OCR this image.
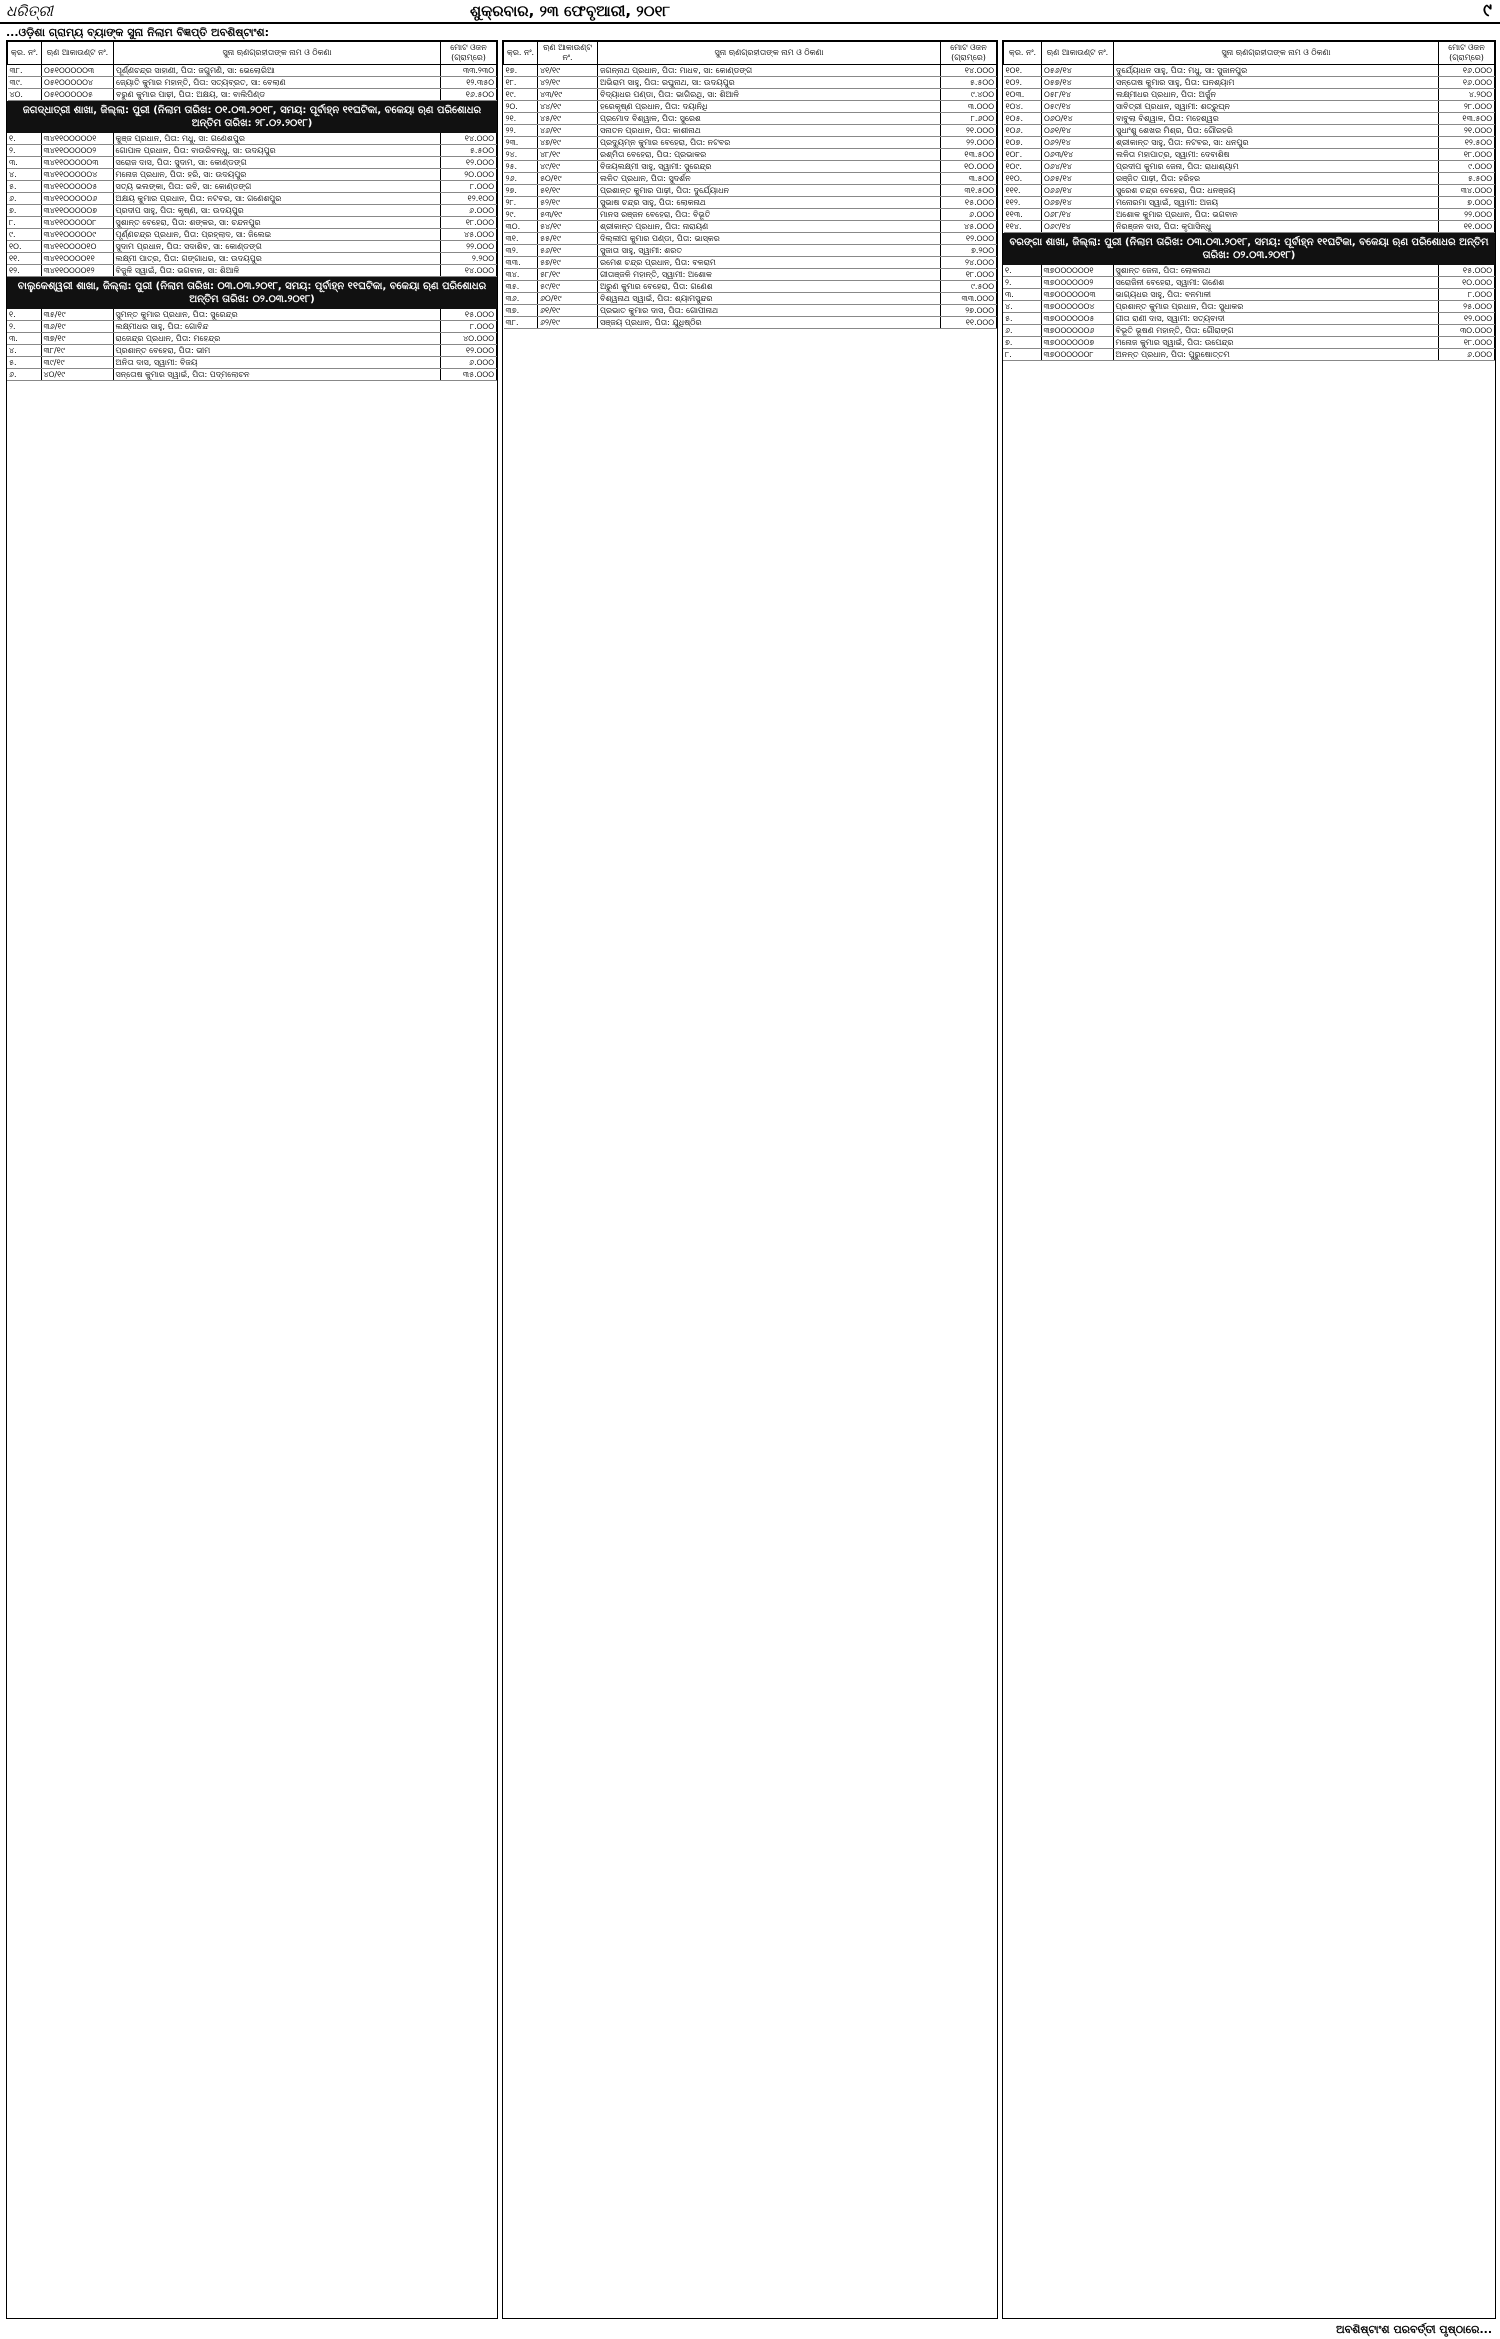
ଧରିତ୍ରୀ	ଶୁକ୍ରବାର, ୨୩ ଫେବୃଆରୀ, ୨୦୧୮	୯
...ଓଡ଼ିଶା ଗ୍ରାମ୍ୟ ବ୍ୟାଙ୍କ ସୁନା ନିଲାମ ବିଜ୍ଞପ୍ତି ଅବଶିଷ୍ଟାଂଶ:
କ୍ର. ନଂ.	ଋଣ ଆକାଉଣ୍ଟ ନଂ.	ସୁନା ଋଣଗ୍ରହୀତାଙ୍କ ନାମ ଓ ଠିକଣା	ମୋଟ ଓଜନ (ଗ୍ରାମ୍‌ରେ)
୩୮.	୦୫୧୦୦୦୦୦୩	ପୂର୍ଣ୍ଣଚନ୍ଦ୍ର ସାହାଣୀ, ପିତା: ଜଗୁମଣି, ସା: ଭେଲୋରିଆ	୩୩.୨୩୦
୩୯.	୦୫୧୦୦୦୦୦୪	ଜ୍ୟୋତି କୁମାର ମହାନ୍ତି, ପିତା: ସତ୍ୟବ୍ରତ, ସା: ବେଲାଣ	୧୨.୩୫୦
୪୦.	୦୫୧୦୦୦୦୦୫	ବରୁଣ କୁମାର ପାଢ଼ୀ, ପିତା: ଅକ୍ଷୟ, ସା: ବାଲିପିଣ୍ଡ	୧୬.୫୦୦
ଜଗଦ୍ଧାତ୍ରୀ ଶାଖା, ଜିଲ୍ଲା: ପୁରୀ (ନିଲାମ ତାରିଖ: ୦୧.୦୩.୨୦୧୮, ସମୟ: ପୂର୍ବାହ୍ନ ୧୧ଘଟିକା, ବକେୟା ଋଣ ପରିଶୋଧର ଅନ୍ତିମ ତାରିଖ: ୨୮.୦୨.୨୦୧୮)
୧.	୩୪୧୧୦୦୦୦୦୧	କୁଞ୍ଜ ପ୍ରଧାନ, ପିତା: ମଧୁ, ସା: ଗଣେଶପୁର	୧୪.୦୦୦
୨.	୩୪୧୧୦୦୦୦୦୨	ଗୋପାଳ ପ୍ରଧାନ, ପିତା: ବାଉରିବନ୍ଧୁ, ସା: ଉଦୟପୁର	୫.୫୦୦
୩.	୩୪୧୧୦୦୦୦୦୩	ସରୋଜ ଦାସ, ପିତା: ସୁଦାମ, ସା: କୋଣ୍ଡଙ୍ଗ	୧୨.୦୦୦
୪.	୩୪୧୧୦୦୦୦୦୪	ମନୋଜ ପ୍ରଧାନ, ପିତା: ହରି, ସା: ଉଦୟପୁର	୨୦.୦୦୦
୫.	୩୪୧୧୦୦୦୦୦୫	ସତ୍ୟ ଭଲଙ୍କା, ପିତା: ରବି, ସା: କୋଣ୍ଡଙ୍ଗ	୮.୦୦୦
୬.	୩୪୧୧୦୦୦୦୦୬	ଅକ୍ଷୟ କୁମାର ପ୍ରଧାନ, ପିତା: ନଟବର, ସା: ଗଣେଶପୁର	୧୨.୧୦୦
୭.	୩୪୧୧୦୦୦୦୦୭	ପ୍ରଦୀପ ସାହୁ, ପିତା: କୃଷ୍ଣ, ସା: ଉଦୟପୁର	୬.୦୦୦
୮.	୩୪୧୧୦୦୦୦୦୮	ସୁଶାନ୍ତ ବେହେରା, ପିତା: ଶଙ୍କର, ସା: ଚନ୍ଦନପୁର	୧୮.୦୦୦
୯.	୩୪୧୧୦୦୦୦୦୯	ପୂର୍ଣ୍ଣଚନ୍ଦ୍ର ପ୍ରଧାନ, ପିତା: ପ୍ରହ୍ଲାଦ, ସା: ଜିଲେଇ	୪୫.୦୦୦
୧୦.	୩୪୧୧୦୦୦୦୧୦	ସୁଦାମ ପ୍ରଧାନ, ପିତା: ସଦାଶିବ, ସା: କୋଣ୍ଡଙ୍ଗ	୨୨.୦୦୦
୧୧.	୩୪୧୧୦୦୦୦୧୧	ଲକ୍ଷ୍ମୀ ପାତ୍ର, ପିତା: ଗଙ୍ଗାଧର, ସା: ଉଦୟପୁର	୨.୨୦୦
୧୨.	୩୪୧୧୦୦୦୦୧୨	ବିଜୁଳି ସ୍ୱାଇଁ, ପିତା: ଭଗବାନ, ସା: ଶିଆଳି	୧୪.୦୦୦
ବାଲୁକେଶ୍ୱରୀ ଶାଖା, ଜିଲ୍ଲା: ପୁରୀ (ନିଲାମ ତାରିଖ: ୦୩.୦୩.୨୦୧୮, ସମୟ: ପୂର୍ବାହ୍ନ ୧୧ଘଟିକା, ବକେୟା ଋଣ ପରିଶୋଧର ଅନ୍ତିମ ତାରିଖ: ୦୨.୦୩.୨୦୧୮)
୧.	୩୫/୧୯	ସୁମନ୍ତ କୁମାର ପ୍ରଧାନ, ପିତା: ସୁରେନ୍ଦ୍ର	୧୫.୦୦୦
୨.	୩୬/୧୯	ଲକ୍ଷ୍ମୀଧର ସାହୁ, ପିତା: ଗୋବିନ୍ଦ	୮.୦୦୦
୩.	୩୭/୧୯	ରାଜେନ୍ଦ୍ର ପ୍ରଧାନ, ପିତା: ମହେନ୍ଦ୍ର	୪୦.୦୦୦
୪.	୩୮/୧୯	ପ୍ରଶାନ୍ତ ବେହେରା, ପିତା: ଭୀମ	୧୨.୦୦୦
୫.	୩୯/୧୯	ଅନିତା ଦାସ, ସ୍ୱାମୀ: ବିଜୟ	୬.୦୦୦
୬.	୪୦/୧୯	ସନ୍ତୋଷ କୁମାର ସ୍ୱାଇଁ, ପିତା: ପଦ୍ମଲୋଚନ	୩୫.୦୦୦
କ୍ର. ନଂ.	ଋଣ ଆକାଉଣ୍ଟ ନଂ.	ସୁନା ଋଣଗ୍ରହୀତାଙ୍କ ନାମ ଓ ଠିକଣା	ମୋଟ ଓଜନ (ଗ୍ରାମ୍‌ରେ)
୧୭.	୪୧/୧୯	ଜଗନ୍ନାଥ ପ୍ରଧାନ, ପିତା: ମାଧବ, ସା: କୋଣ୍ଡଙ୍ଗ	୧୪.୦୦୦
୧୮.	୪୨/୧୯	ଅଭିରାମ ସାହୁ, ପିତା: ରଘୁନାଥ, ସା: ଉଦୟପୁର	୫.୫୦୦
୧୯.	୪୩/୧୯	ବିଦ୍ୟାଧର ପଣ୍ଡା, ପିତା: ଭାଗିରଥି, ସା: ଶିଆଳି	୯.୪୦୦
୨୦.	୪୪/୧୯	ହରେକୃଷ୍ଣ ପ୍ରଧାନ, ପିତା: ଦୟାନିଧି	୩.୦୦୦
୨୧.	୪୫/୧୯	ପ୍ରମୋଦ ବିଶ୍ୱାଳ, ପିତା: ସୁରେଶ	୮.୬୦୦
୨୨.	୪୬/୧୯	ସନାତନ ପ୍ରଧାନ, ପିତା: କାଶୀନାଥ	୨୧.୦୦୦
୨୩.	୪୭/୧୯	ପ୍ରଦ୍ୟୁମ୍ନ କୁମାର ବେହେରା, ପିତା: ନଟବର	୨୨.୦୦୦
୨୪.	୪୮/୧୯	ରଶ୍ମିତା ବେହେରା, ପିତା: ପ୍ରଭାକର	୧୩.୫୦୦
୨୫.	୪୯/୧୯	ବିଜୟଲକ୍ଷ୍ମୀ ସାହୁ, ସ୍ୱାମୀ: ସୁରେନ୍ଦ୍ର	୧୦.୦୦୦
୨୬.	୫୦/୧୯	ଲଳିତ ପ୍ରଧାନ, ପିତା: ସୁଦର୍ଶନ	୩.୫୦୦
୨୭.	୫୧/୧୯	ପ୍ରଶାନ୍ତ କୁମାର ପାଢ଼ୀ, ପିତା: ଦୁର୍ଯ୍ୟୋଧନ	୩୧.୫୦୦
୨୮.	୫୨/୧୯	ସୁଭାଷ ଚନ୍ଦ୍ର ସାହୁ, ପିତା: ଲୋକନାଥ	୧୫.୦୦୦
୨୯.	୫୩/୧୯	ମାନସ ରଞ୍ଜନ ବେହେରା, ପିତା: ବିଭୂତି	୬.୦୦୦
୩୦.	୫୪/୧୯	ଶ୍ରୀକାନ୍ତ ପ୍ରଧାନ, ପିତା: ନାରାୟଣ	୪୫.୦୦୦
୩୧.	୫୫/୧୯	ଦିଲ୍ଲୀପ କୁମାର ପଣ୍ଡା, ପିତା: ଭାସ୍କର	୧୨.୦୦୦
୩୨.	୫୬/୧୯	ସୁଜାତା ସାହୁ, ସ୍ୱାମୀ: ଶରତ	୭.୨୦୦
୩୩.	୫୭/୧୯	ରମେଶ ଚନ୍ଦ୍ର ପ୍ରଧାନ, ପିତା: ବଳରାମ	୨୪.୦୦୦
୩୪.	୫୮/୧୯	ଗୀତାଞ୍ଜଳି ମହାନ୍ତି, ସ୍ୱାମୀ: ଅଶୋକ	୧୮.୦୦୦
୩୫.	୫୯/୧୯	ଅରୁଣ କୁମାର ବେହେରା, ପିତା: ଗଣେଶ	୯.୫୦୦
୩୬.	୬୦/୧୯	ବିଶ୍ୱନାଥ ସ୍ୱାଇଁ, ପିତା: ଶ୍ୟାମସୁନ୍ଦର	୩୩.୦୦୦
୩୭.	୬୧/୧୯	ପ୍ରଭାତ କୁମାର ଦାସ, ପିତା: ଗୋପୀନାଥ	୨୭.୦୦୦
୩୮.	୬୨/୧୯	ସଞ୍ଜୟ ପ୍ରଧାନ, ପିତା: ଯୁଧିଷ୍ଠିର	୧୧.୦୦୦
କ୍ର. ନଂ.	ଋଣ ଆକାଉଣ୍ଟ ନଂ.	ସୁନା ଋଣଗ୍ରହୀତାଙ୍କ ନାମ ଓ ଠିକଣା	ମୋଟ ଓଜନ (ଗ୍ରାମ୍‌ରେ)
୧୦୧.	୦୫୬/୧୪	ଦୁର୍ଯ୍ୟୋଧନ ସାହୁ, ପିତା: ମଧୁ, ସା: ସୁଜାନପୁର	୧୬.୦୦୦
୧୦୨.	୦୫୭/୧୪	ସନ୍ତୋଷ କୁମାର ସାହୁ, ପିତା: ଘନଶ୍ୟାମ	୧୬.୦୦୦
୧୦୩.	୦୫୮/୧୪	ଲକ୍ଷ୍ମୀଧର ପ୍ରଧାନ, ପିତା: ଅର୍ଜୁନ	୪.୨୦୦
୧୦୪.	୦୫୯/୧୪	ସାବିତ୍ରୀ ପ୍ରଧାନ, ସ୍ୱାମୀ: ଶତ୍ରୁଘ୍ନ	୨୮.୦୦୦
୧୦୫.	୦୬୦/୧୪	ବାବୁଲା ବିଶ୍ୱାଳ, ପିତା: ମହେଶ୍ୱର	୧୩.୫୦୦
୧୦୬.	୦୬୧/୧୪	ସୁଧାଂଶୁ ଶେଖର ମିଶ୍ର, ପିତା: ଗୌରହରି	୨୧.୦୦୦
୧୦୭.	୦୬୨/୧୪	ଶ୍ରୀକାନ୍ତ ସାହୁ, ପିତା: ନଟବର, ସା: ଧନପୁର	୧୨.୫୦୦
୧୦୮.	୦୬୩/୧୪	ଲଳିତା ମହାପାତ୍ର, ସ୍ୱାମୀ: ଦେବାଶିଷ	୧୮.୦୦୦
୧୦୯.	୦୬୪/୧୪	ପ୍ରଦୀପ କୁମାର ଜେନା, ପିତା: ରାଧାଶ୍ୟାମ	୯.୦୦୦
୧୧୦.	୦୬୫/୧୪	ରଞ୍ଜିତ ପାଢ଼ୀ, ପିତା: ହରିହର	୫.୫୦୦
୧୧୧.	୦୬୬/୧୪	ସୁରେଶ ଚନ୍ଦ୍ର ବେହେରା, ପିତା: ଧନଞ୍ଜୟ	୩୪.୦୦୦
୧୧୨.	୦୬୭/୧୪	ମନୋରମା ସ୍ୱାଇଁ, ସ୍ୱାମୀ: ଅଜୟ	୭.୦୦୦
୧୧୩.	୦୬୮/୧୪	ଅଶୋକ କୁମାର ପ୍ରଧାନ, ପିତା: ଭଗବାନ	୨୨.୦୦୦
୧୧୪.	୦୬୯/୧୪	ନିରଞ୍ଜନ ଦାସ, ପିତା: କୃପାସିନ୍ଧୁ	୧୧.୦୦୦
ବରଙ୍ଗା ଶାଖା, ଜିଲ୍ଲା: ପୁରୀ (ନିଲାମ ତାରିଖ: ୦୩.୦୩.୨୦୧୮, ସମୟ: ପୂର୍ବାହ୍ନ ୧୧ଘଟିକା, ବକେୟା ଋଣ ପରିଶୋଧର ଅନ୍ତିମ ତାରିଖ: ୦୨.୦୩.୨୦୧୮)
୧.	୩୭୦୦୦୦୦୦୧	ସୁଶାନ୍ତ ଜେନା, ପିତା: ଲୋକନାଥ	୧୫.୦୦୦
୨.	୩୭୦୦୦୦୦୦୨	ସରୋଜିନୀ ବେହେରା, ସ୍ୱାମୀ: ଗଣେଶ	୧୦.୦୦୦
୩.	୩୭୦୦୦୦୦୦୩	ଭାଗ୍ୟଧର ସାହୁ, ପିତା: ବନମାଳୀ	୮.୦୦୦
୪.	୩୭୦୦୦୦୦୦୪	ପ୍ରଶାନ୍ତ କୁମାର ପ୍ରଧାନ, ପିତା: ସୁଧାକର	୨୫.୦୦୦
୫.	୩୭୦୦୦୦୦୦୫	ଗୀତା ରାଣୀ ଦାସ, ସ୍ୱାମୀ: ସତ୍ୟବାଦୀ	୧୨.୦୦୦
୬.	୩୭୦୦୦୦୦୦୬	ବିଭୂତି ଭୂଷଣ ମହାନ୍ତି, ପିତା: ଗୌରାଙ୍ଗ	୩୦.୦୦୦
୭.	୩୭୦୦୦୦୦୦୭	ମନୋଜ କୁମାର ସ୍ୱାଇଁ, ପିତା: ଉପେନ୍ଦ୍ର	୧୮.୦୦୦
୮.	୩୭୦୦୦୦୦୦୮	ଅନନ୍ତ ପ୍ରଧାନ, ପିତା: ପୁରୁଷୋତ୍ତମ	୬.୦୦୦
ଅବଶିଷ୍ଟାଂଶ ପରବର୍ତ୍ତୀ ପୃଷ୍ଠାରେ...
